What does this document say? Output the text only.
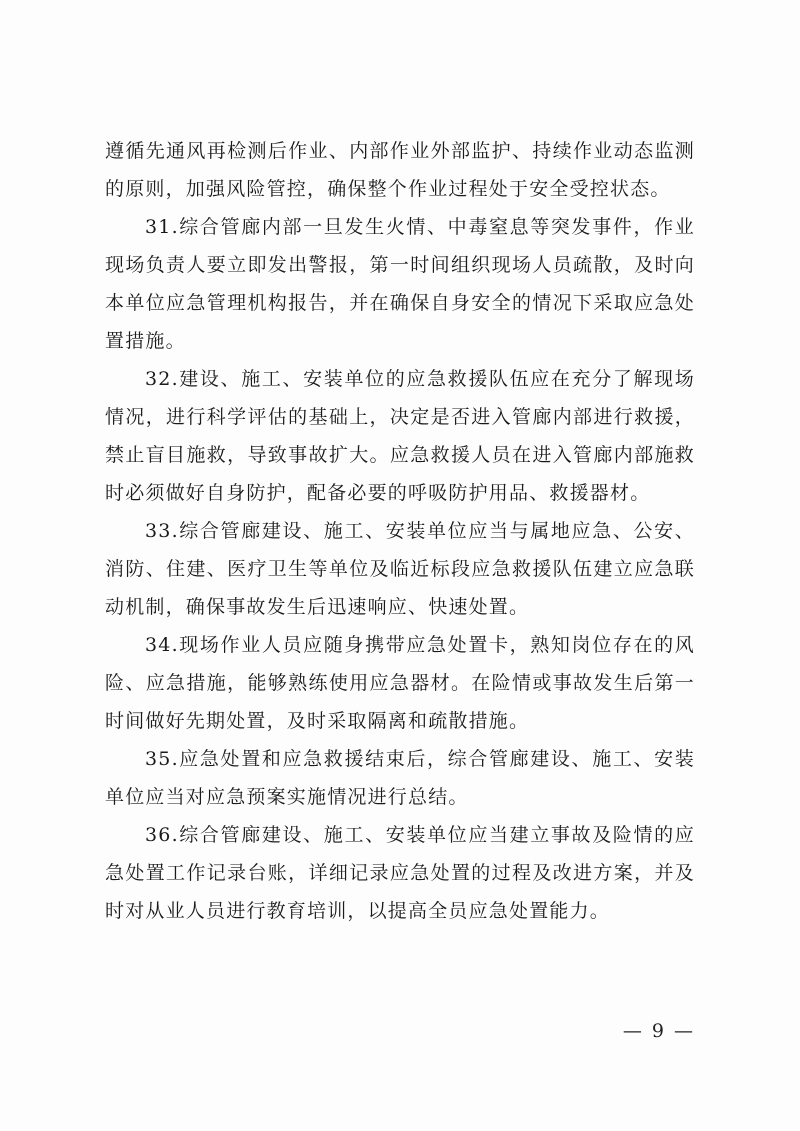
遵循先通风再检测后作业、内部作业外部监护、持续作业动态监测的原则，加强风险管控，确保整个作业过程处于安全受控状态。

31.综合管廊内部一旦发生火情、中毒窒息等突发事件，作业现场负责人要立即发出警报，第一时间组织现场人员疏散，及时向本单位应急管理机构报告，并在确保自身安全的情况下采取应急处置措施。

32.建设、施工、安装单位的应急救援队伍应在充分了解现场情况，进行科学评估的基础上，决定是否进入管廊内部进行救援，禁止盲目施救，导致事故扩大。应急救援人员在进入管廊内部施救时必须做好自身防护，配备必要的呼吸防护用品、救援器材。

33.综合管廊建设、施工、安装单位应当与属地应急、公安、消防、住建、医疗卫生等单位及临近标段应急救援队伍建立应急联动机制，确保事故发生后迅速响应、快速处置。

34.现场作业人员应随身携带应急处置卡，熟知岗位存在的风险、应急措施，能够熟练使用应急器材。在险情或事故发生后第一时间做好先期处置，及时采取隔离和疏散措施。

35.应急处置和应急救援结束后，综合管廊建设、施工、安装单位应当对应急预案实施情况进行总结。

36.综合管廊建设、施工、安装单位应当建立事故及险情的应急处置工作记录台账，详细记录应急处置的过程及改进方案，并及时对从业人员进行教育培训，以提高全员应急处置能力。

— 9 —
